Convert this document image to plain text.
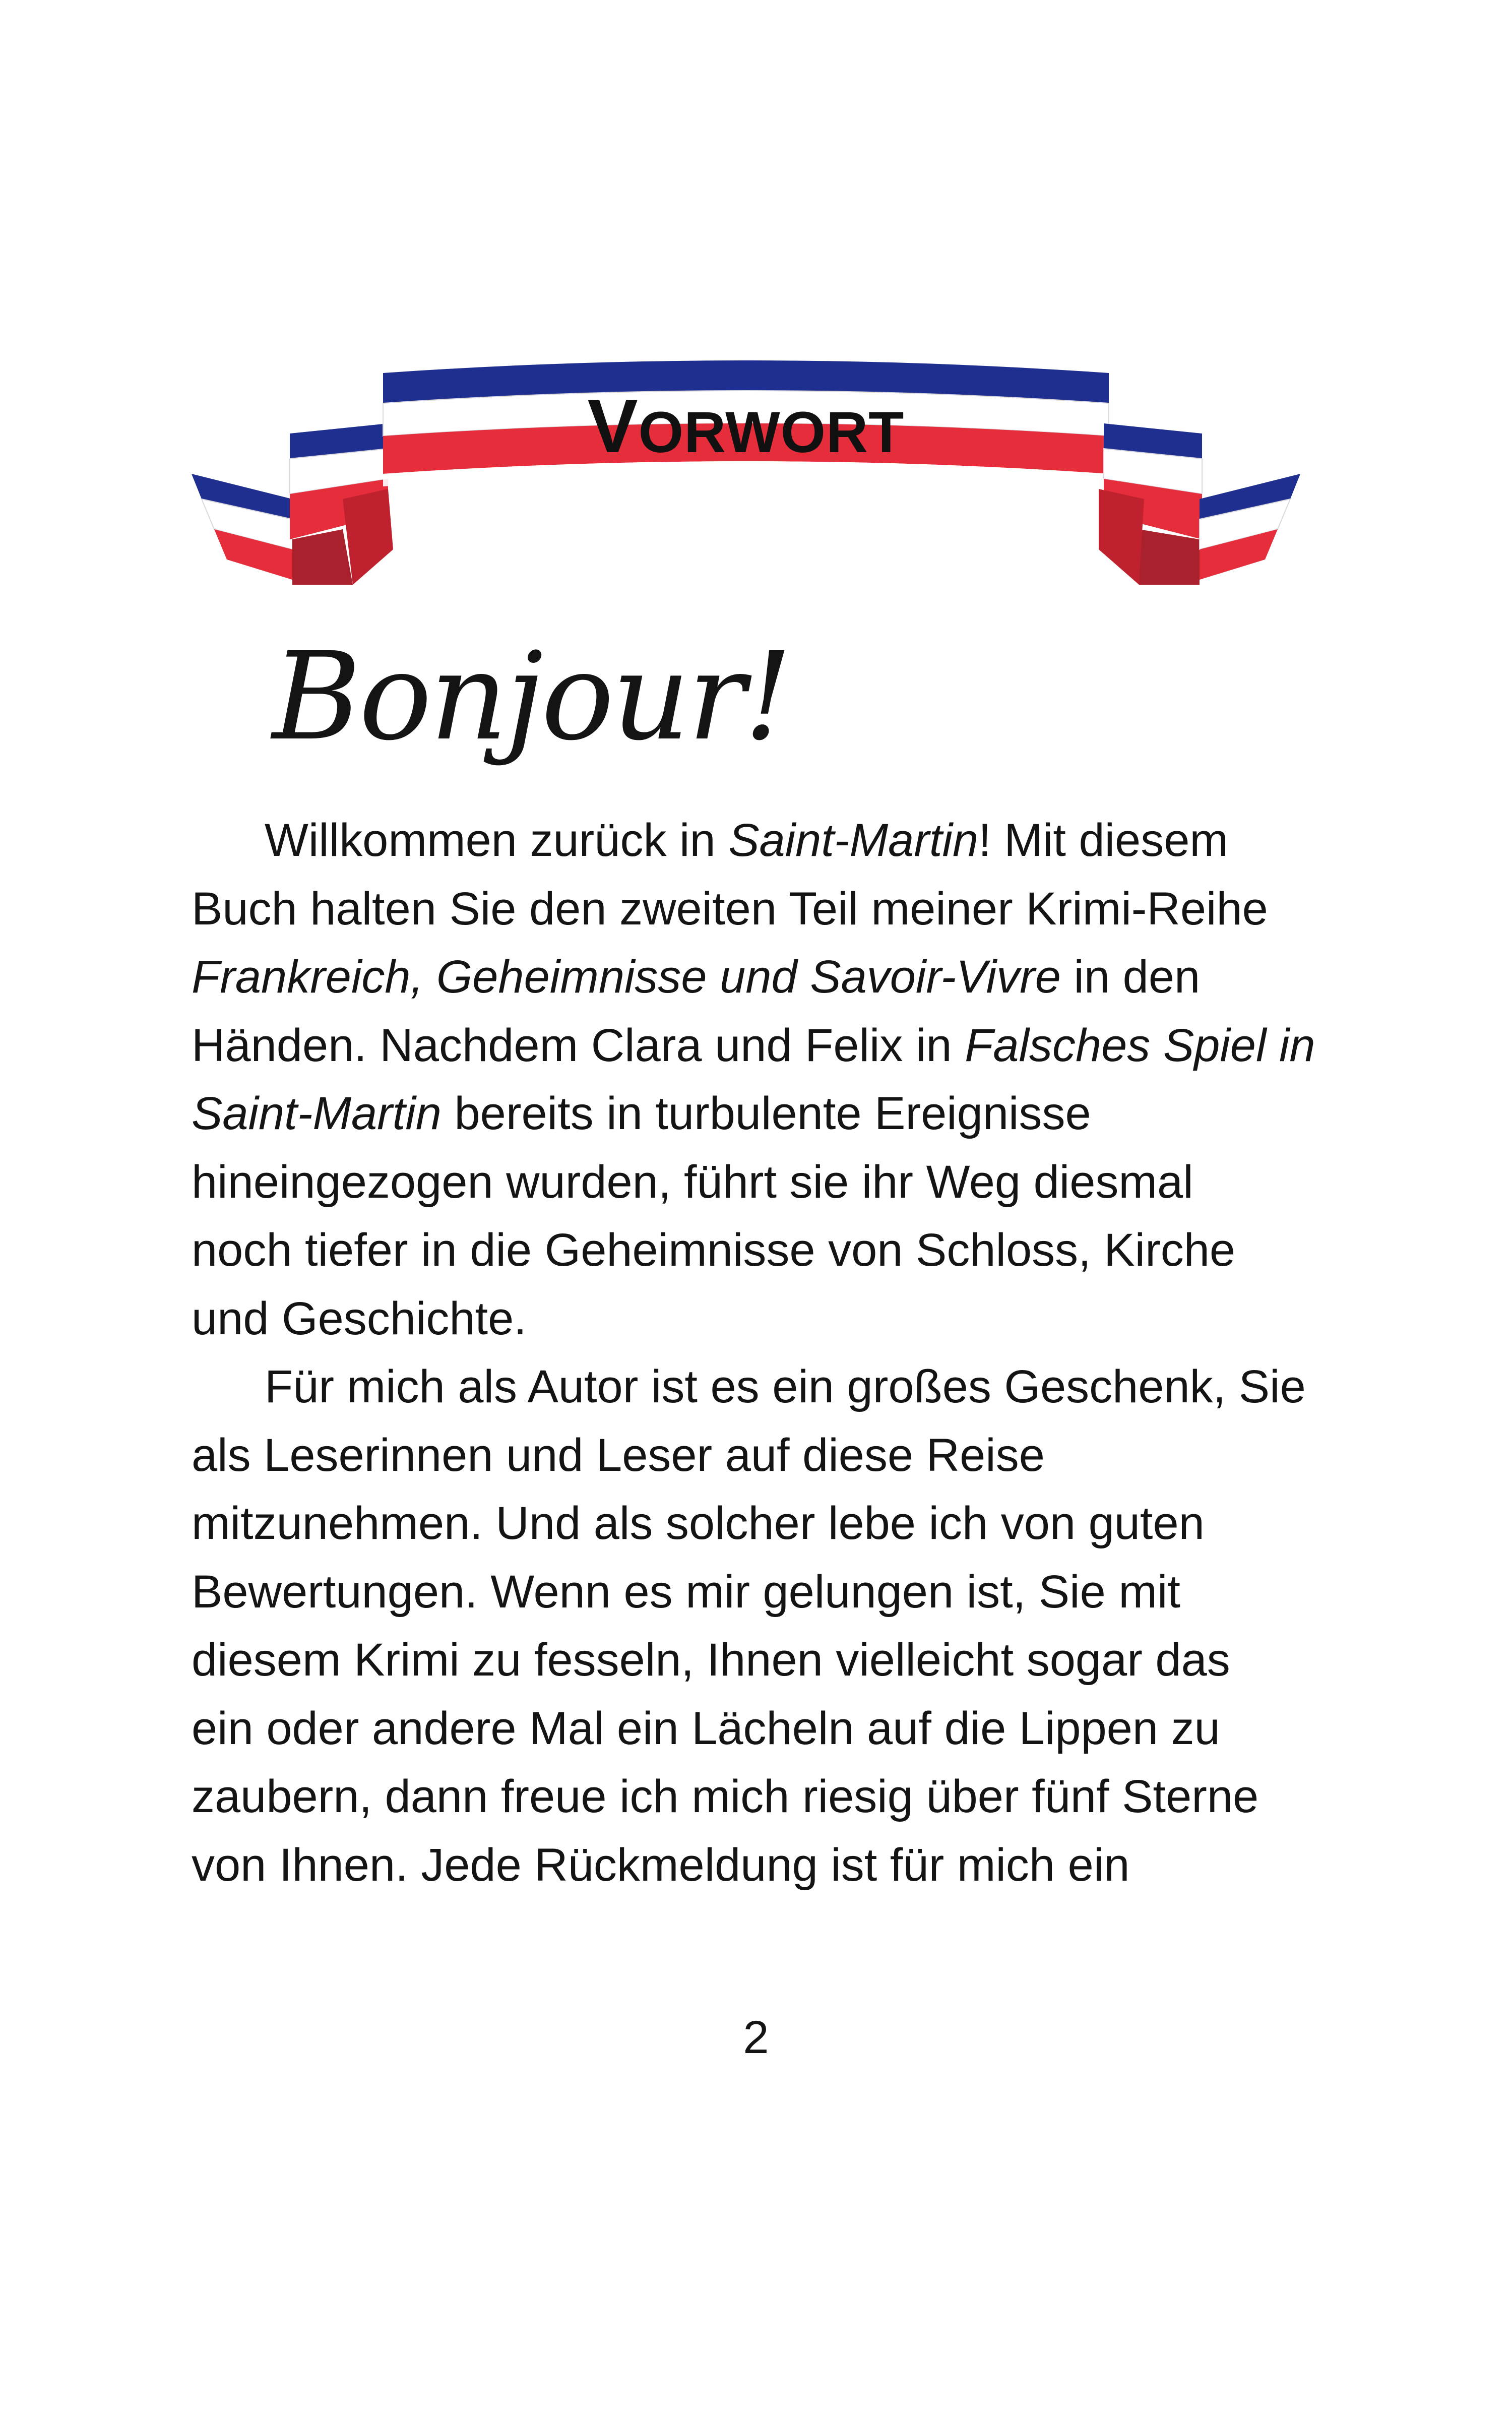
VORWORT
Bonjour!
Willkommen zurück in Saint-Martin! Mit diesem
Buch halten Sie den zweiten Teil meiner Krimi-Reihe
Frankreich, Geheimnisse und Savoir-Vivre in den
Händen. Nachdem Clara und Felix in Falsches Spiel in
Saint-Martin bereits in turbulente Ereignisse
hineingezogen wurden, führt sie ihr Weg diesmal
noch tiefer in die Geheimnisse von Schloss, Kirche
und Geschichte.
Für mich als Autor ist es ein großes Geschenk, Sie
als Leserinnen und Leser auf diese Reise
mitzunehmen. Und als solcher lebe ich von guten
Bewertungen. Wenn es mir gelungen ist, Sie mit
diesem Krimi zu fesseln, Ihnen vielleicht sogar das
ein oder andere Mal ein Lächeln auf die Lippen zu
zaubern, dann freue ich mich riesig über fünf Sterne
von Ihnen. Jede Rückmeldung ist für mich ein
2
